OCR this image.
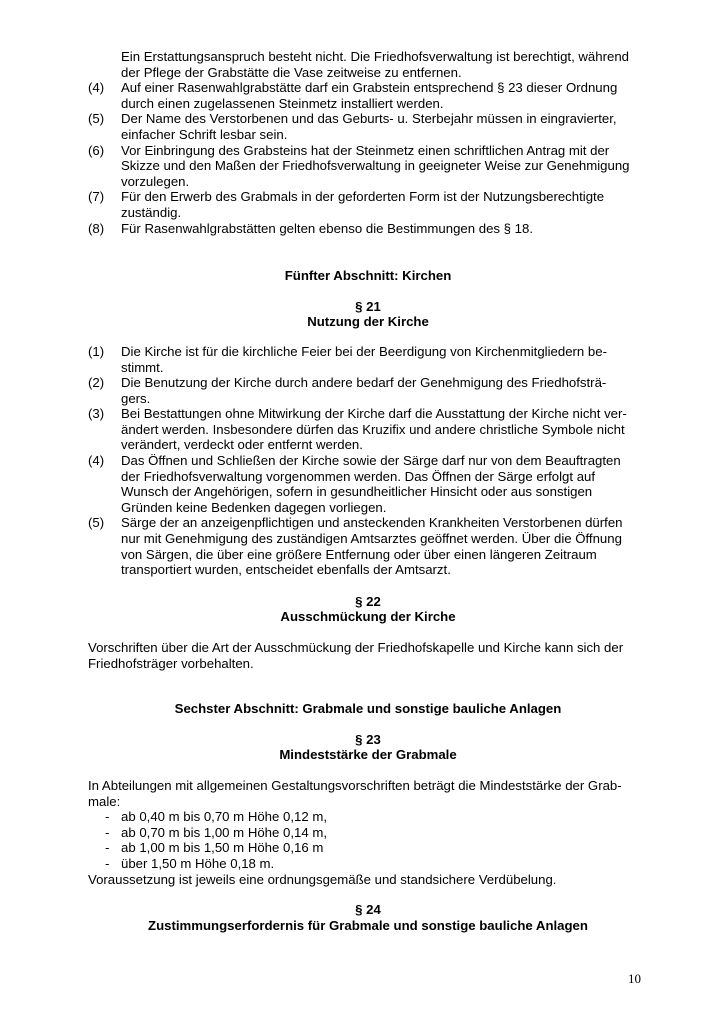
Ein Erstattungsanspruch besteht nicht. Die Friedhofsverwaltung ist berechtigt, während
der Pflege der Grabstätte die Vase zeitweise zu entfernen.
(4) Auf einer Rasenwahlgrabstätte darf ein Grabstein entsprechend § 23 dieser Ordnung
durch einen zugelassenen Steinmetz installiert werden.
(5) Der Name des Verstorbenen und das Geburts- u. Sterbejahr müssen in eingravierter,
einfacher Schrift lesbar sein.
(6) Vor Einbringung des Grabsteins hat der Steinmetz einen schriftlichen Antrag mit der
Skizze und den Maßen der Friedhofsverwaltung in geeigneter Weise zur Genehmigung
vorzulegen.
(7) Für den Erwerb des Grabmals in der geforderten Form ist der Nutzungsberechtigte
zuständig.
(8) Für Rasenwahlgrabstätten gelten ebenso die Bestimmungen des § 18.
Fünfter Abschnitt: Kirchen
§ 21
Nutzung der Kirche
(1) Die Kirche ist für die kirchliche Feier bei der Beerdigung von Kirchenmitgliedern be-
stimmt.
(2) Die Benutzung der Kirche durch andere bedarf der Genehmigung des Friedhofsträ-
gers.
(3) Bei Bestattungen ohne Mitwirkung der Kirche darf die Ausstattung der Kirche nicht ver-
ändert werden. Insbesondere dürfen das Kruzifix und andere christliche Symbole nicht
verändert, verdeckt oder entfernt werden.
(4) Das Öffnen und Schließen der Kirche sowie der Särge darf nur von dem Beauftragten
der Friedhofsverwaltung vorgenommen werden. Das Öffnen der Särge erfolgt auf
Wunsch der Angehörigen, sofern in gesundheitlicher Hinsicht oder aus sonstigen
Gründen keine Bedenken dagegen vorliegen.
(5) Särge der an anzeigenpflichtigen und ansteckenden Krankheiten Verstorbenen dürfen
nur mit Genehmigung des zuständigen Amtsarztes geöffnet werden. Über die Öffnung
von Särgen, die über eine größere Entfernung oder über einen längeren Zeitraum
transportiert wurden, entscheidet ebenfalls der Amtsarzt.
§ 22
Ausschmückung der Kirche
Vorschriften über die Art der Ausschmückung der Friedhofskapelle und Kirche kann sich der
Friedhofsträger vorbehalten.
Sechster Abschnitt: Grabmale und sonstige bauliche Anlagen
§ 23
Mindeststärke der Grabmale
In Abteilungen mit allgemeinen Gestaltungsvorschriften beträgt die Mindeststärke der Grab-
male:
- ab 0,40 m bis 0,70 m Höhe 0,12 m,
- ab 0,70 m bis 1,00 m Höhe 0,14 m,
- ab 1,00 m bis 1,50 m Höhe 0,16 m
- über 1,50 m Höhe 0,18 m.
Voraussetzung ist jeweils eine ordnungsgemäße und standsichere Verdübelung.
§ 24
Zustimmungserfordernis für Grabmale und sonstige bauliche Anlagen
10
